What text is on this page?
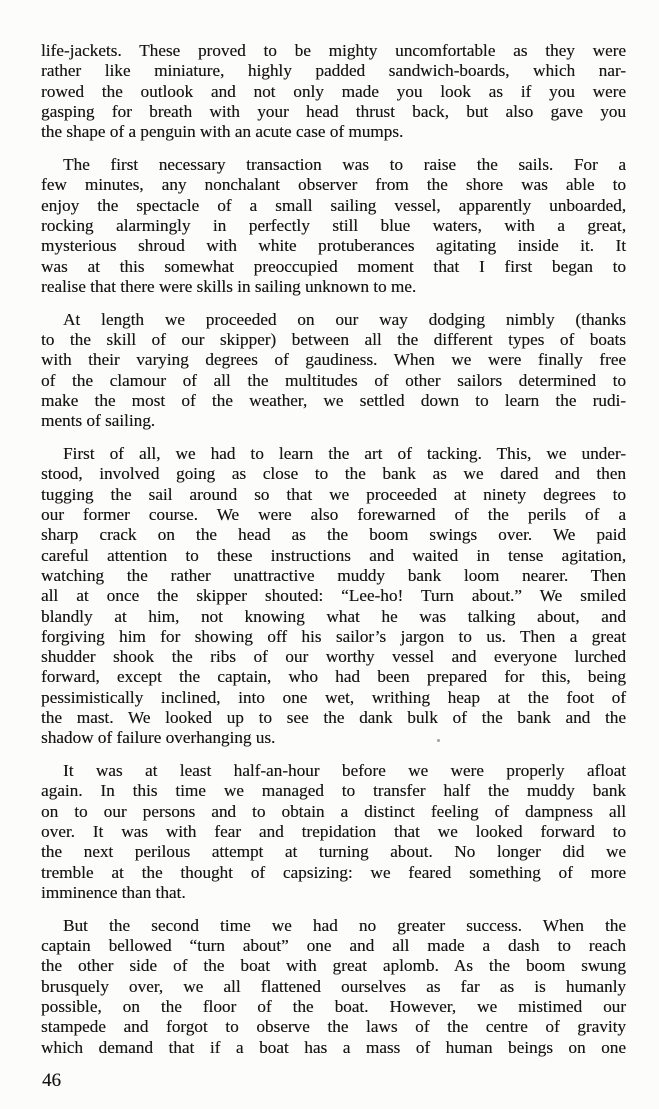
life-jackets. These proved to be mighty uncomfortable as they were
rather like miniature, highly padded sandwich-boards, which nar-
rowed the outlook and not only made you look as if you were
gasping for breath with your head thrust back, but also gave you
the shape of a penguin with an acute case of mumps.

The first necessary transaction was to raise the sails. For a
few minutes, any nonchalant observer from the shore was able to
enjoy the spectacle of a small sailing vessel, apparently unboarded,
rocking alarmingly in perfectly still blue waters, with a great,
mysterious shroud with white protuberances agitating inside it. It
was at this somewhat preoccupied moment that I first began to
realise that there were skills in sailing unknown to me.

At length we proceeded on our way dodging nimbly (thanks
to the skill of our skipper) between all the different types of boats
with their varying degrees of gaudiness. When we were finally free
of the clamour of all the multitudes of other sailors determined to
make the most of the weather, we settled down to learn the rudi-
ments of sailing.

First of all, we had to learn the art of tacking. This, we under-
stood, involved going as close to the bank as we dared and then
tugging the sail around so that we proceeded at ninety degrees to
our former course. We were also forewarned of the perils of a
sharp crack on the head as the boom swings over. We paid
careful attention to these instructions and waited in tense agitation,
watching the rather unattractive muddy bank loom nearer. Then
all at once the skipper shouted: “Lee-ho! Turn about.” We smiled
blandly at him, not knowing what he was talking about, and
forgiving him for showing off his sailor’s jargon to us. Then a great
shudder shook the ribs of our worthy vessel and everyone lurched
forward, except the captain, who had been prepared for this, being
pessimistically inclined, into one wet, writhing heap at the foot of
the mast. We looked up to see the dank bulk of the bank and the
shadow of failure overhanging us.

It was at least half-an-hour before we were properly afloat
again. In this time we managed to transfer half the muddy bank
on to our persons and to obtain a distinct feeling of dampness all
over. It was with fear and trepidation that we looked forward to
the next perilous attempt at turning about. No longer did we
tremble at the thought of capsizing: we feared something of more
imminence than that.

But the second time we had no greater success. When the
captain bellowed “turn about” one and all made a dash to reach
the other side of the boat with great aplomb. As the boom swung
brusquely over, we all flattened ourselves as far as is humanly
possible, on the floor of the boat. However, we mistimed our
stampede and forgot to observe the laws of the centre of gravity
which demand that if a boat has a mass of human beings on one

46
